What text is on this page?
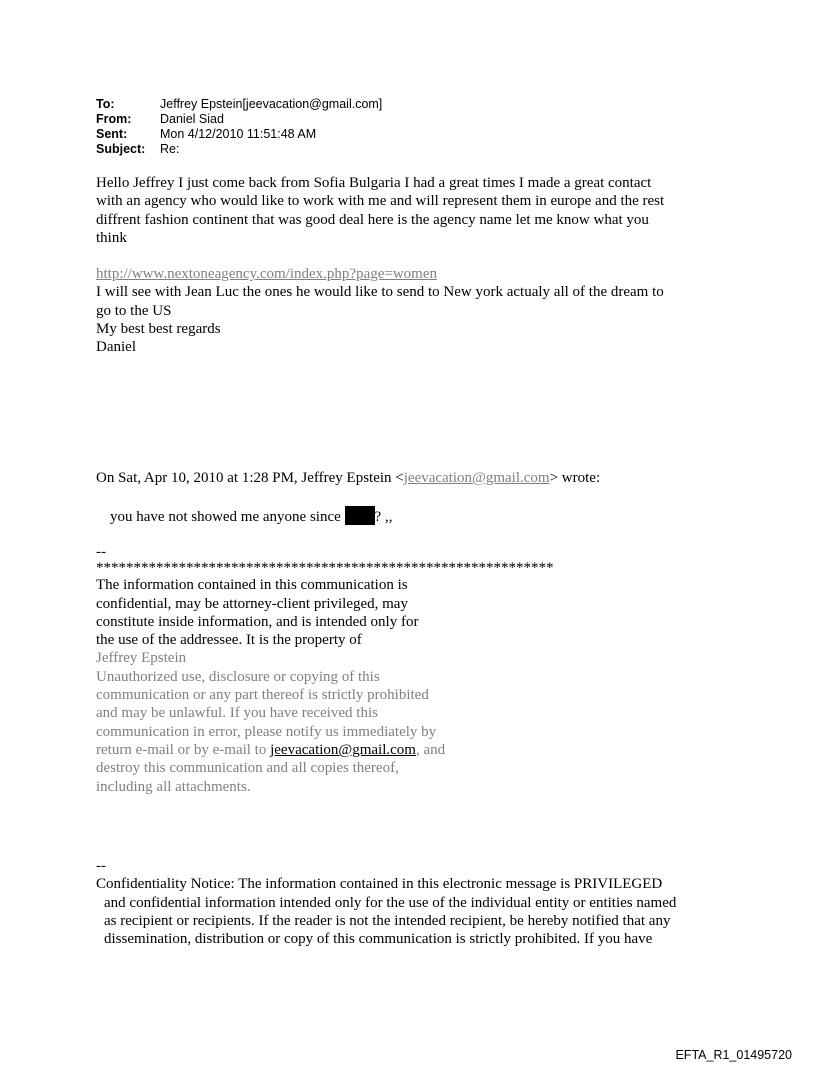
To:	Jeffrey Epstein[jeevacation@gmail.com]
From:	Daniel Siad
Sent:	Mon 4/12/2010 11:51:48 AM
Subject:	Re:
Hello Jeffrey I just come back from Sofia Bulgaria I had a great times I made a great contact
with an agency who would like to work with me and will represent them in europe and the rest
diffrent fashion continent that was good deal here is the agency name let me know what you
think
http://www.nextoneagency.com/index.php?page=women
I will see with Jean Luc the ones he would like to send to New york actualy all of the dream to
go to the US
My best best regards
Daniel
On Sat, Apr 10, 2010 at 1:28 PM, Jeffrey Epstein <jeevacation@gmail.com> wrote:
you have not showed me anyone since ? ,,
--
*************************************************************
The information contained in this communication is
confidential, may be attorney-client privileged, may
constitute inside information, and is intended only for
the use of the addressee. It is the property of
Jeffrey Epstein
Unauthorized use, disclosure or copying of this
communication or any part thereof is strictly prohibited
and may be unlawful. If you have received this
communication in error, please notify us immediately by
return e-mail or by e-mail to jeevacation@gmail.com, and
destroy this communication and all copies thereof,
including all attachments.
--
Confidentiality Notice: The information contained in this electronic message is PRIVILEGED
and confidential information intended only for the use of the individual entity or entities named
as recipient or recipients. If the reader is not the intended recipient, be hereby notified that any
dissemination, distribution or copy of this communication is strictly prohibited. If you have
EFTA_R1_01495720
